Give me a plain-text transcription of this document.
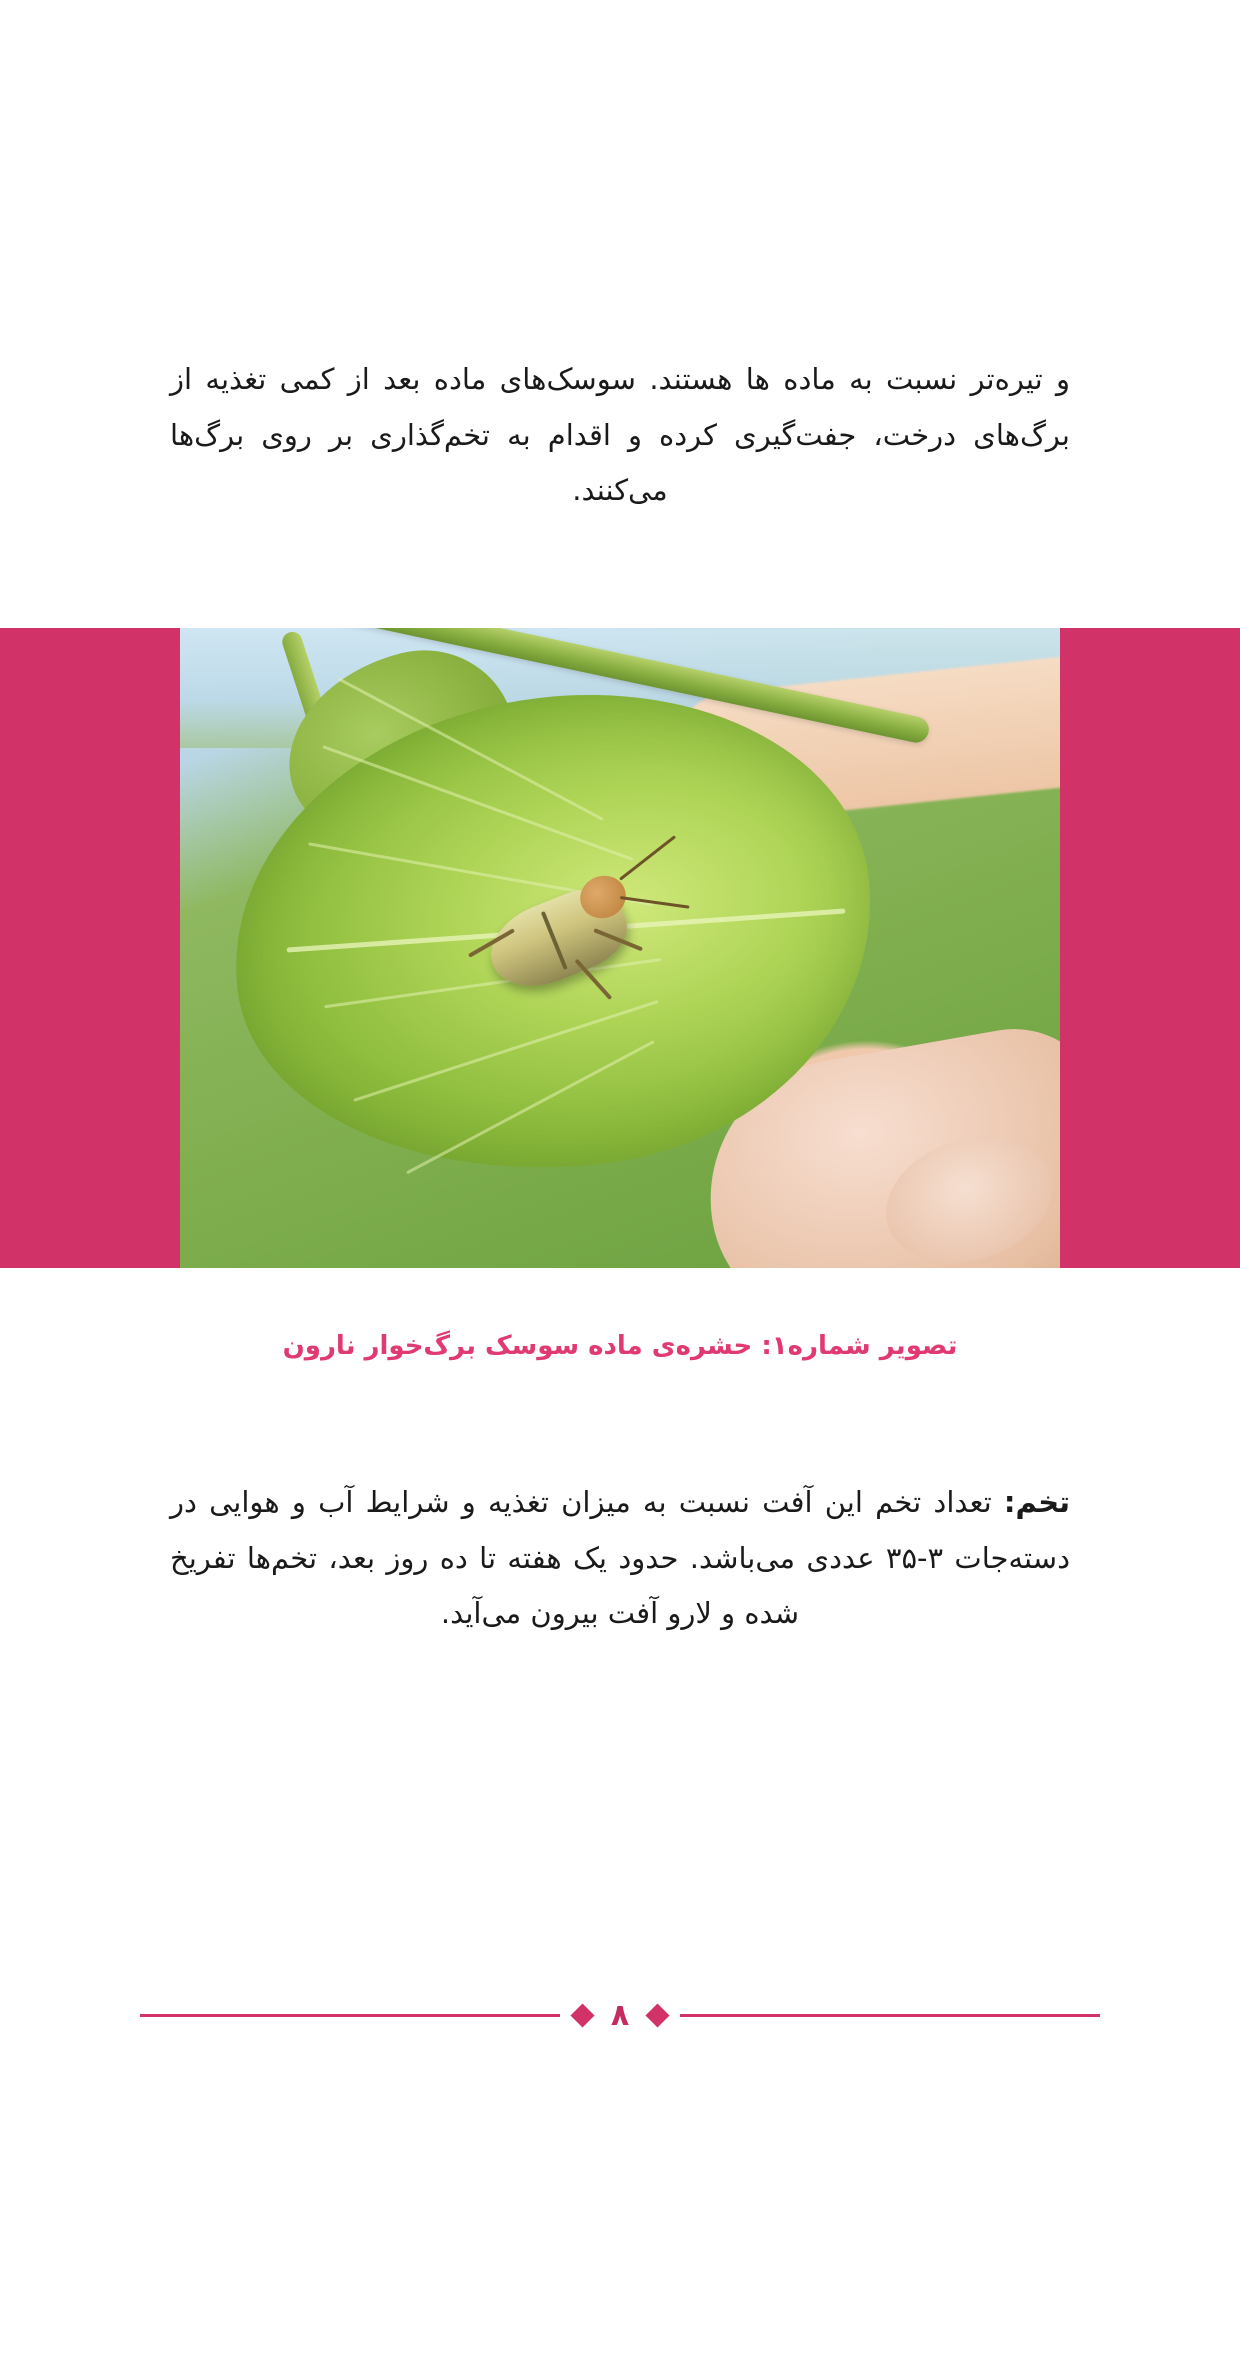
و تیره‌تر نسبت به ماده ها هستند. سوسک‌های ماده بعد از کمی تغذیه از برگ‌های درخت، جفت‌گیری کرده و اقدام به تخم‌گذاری بر روی برگ‌ها می‌کنند.

تصویر شماره۱: حشره‌ی ماده سوسک برگ‌خوار نارون

تخم: تعداد تخم این آفت نسبت به میزان تغذیه و شرایط آب و هوایی در دسته‌جات ۳-۳۵ عددی می‌باشد. حدود یک هفته تا ده روز بعد، تخم‌ها تفریخ شده و لارو آفت بیرون می‌آید.

۸
